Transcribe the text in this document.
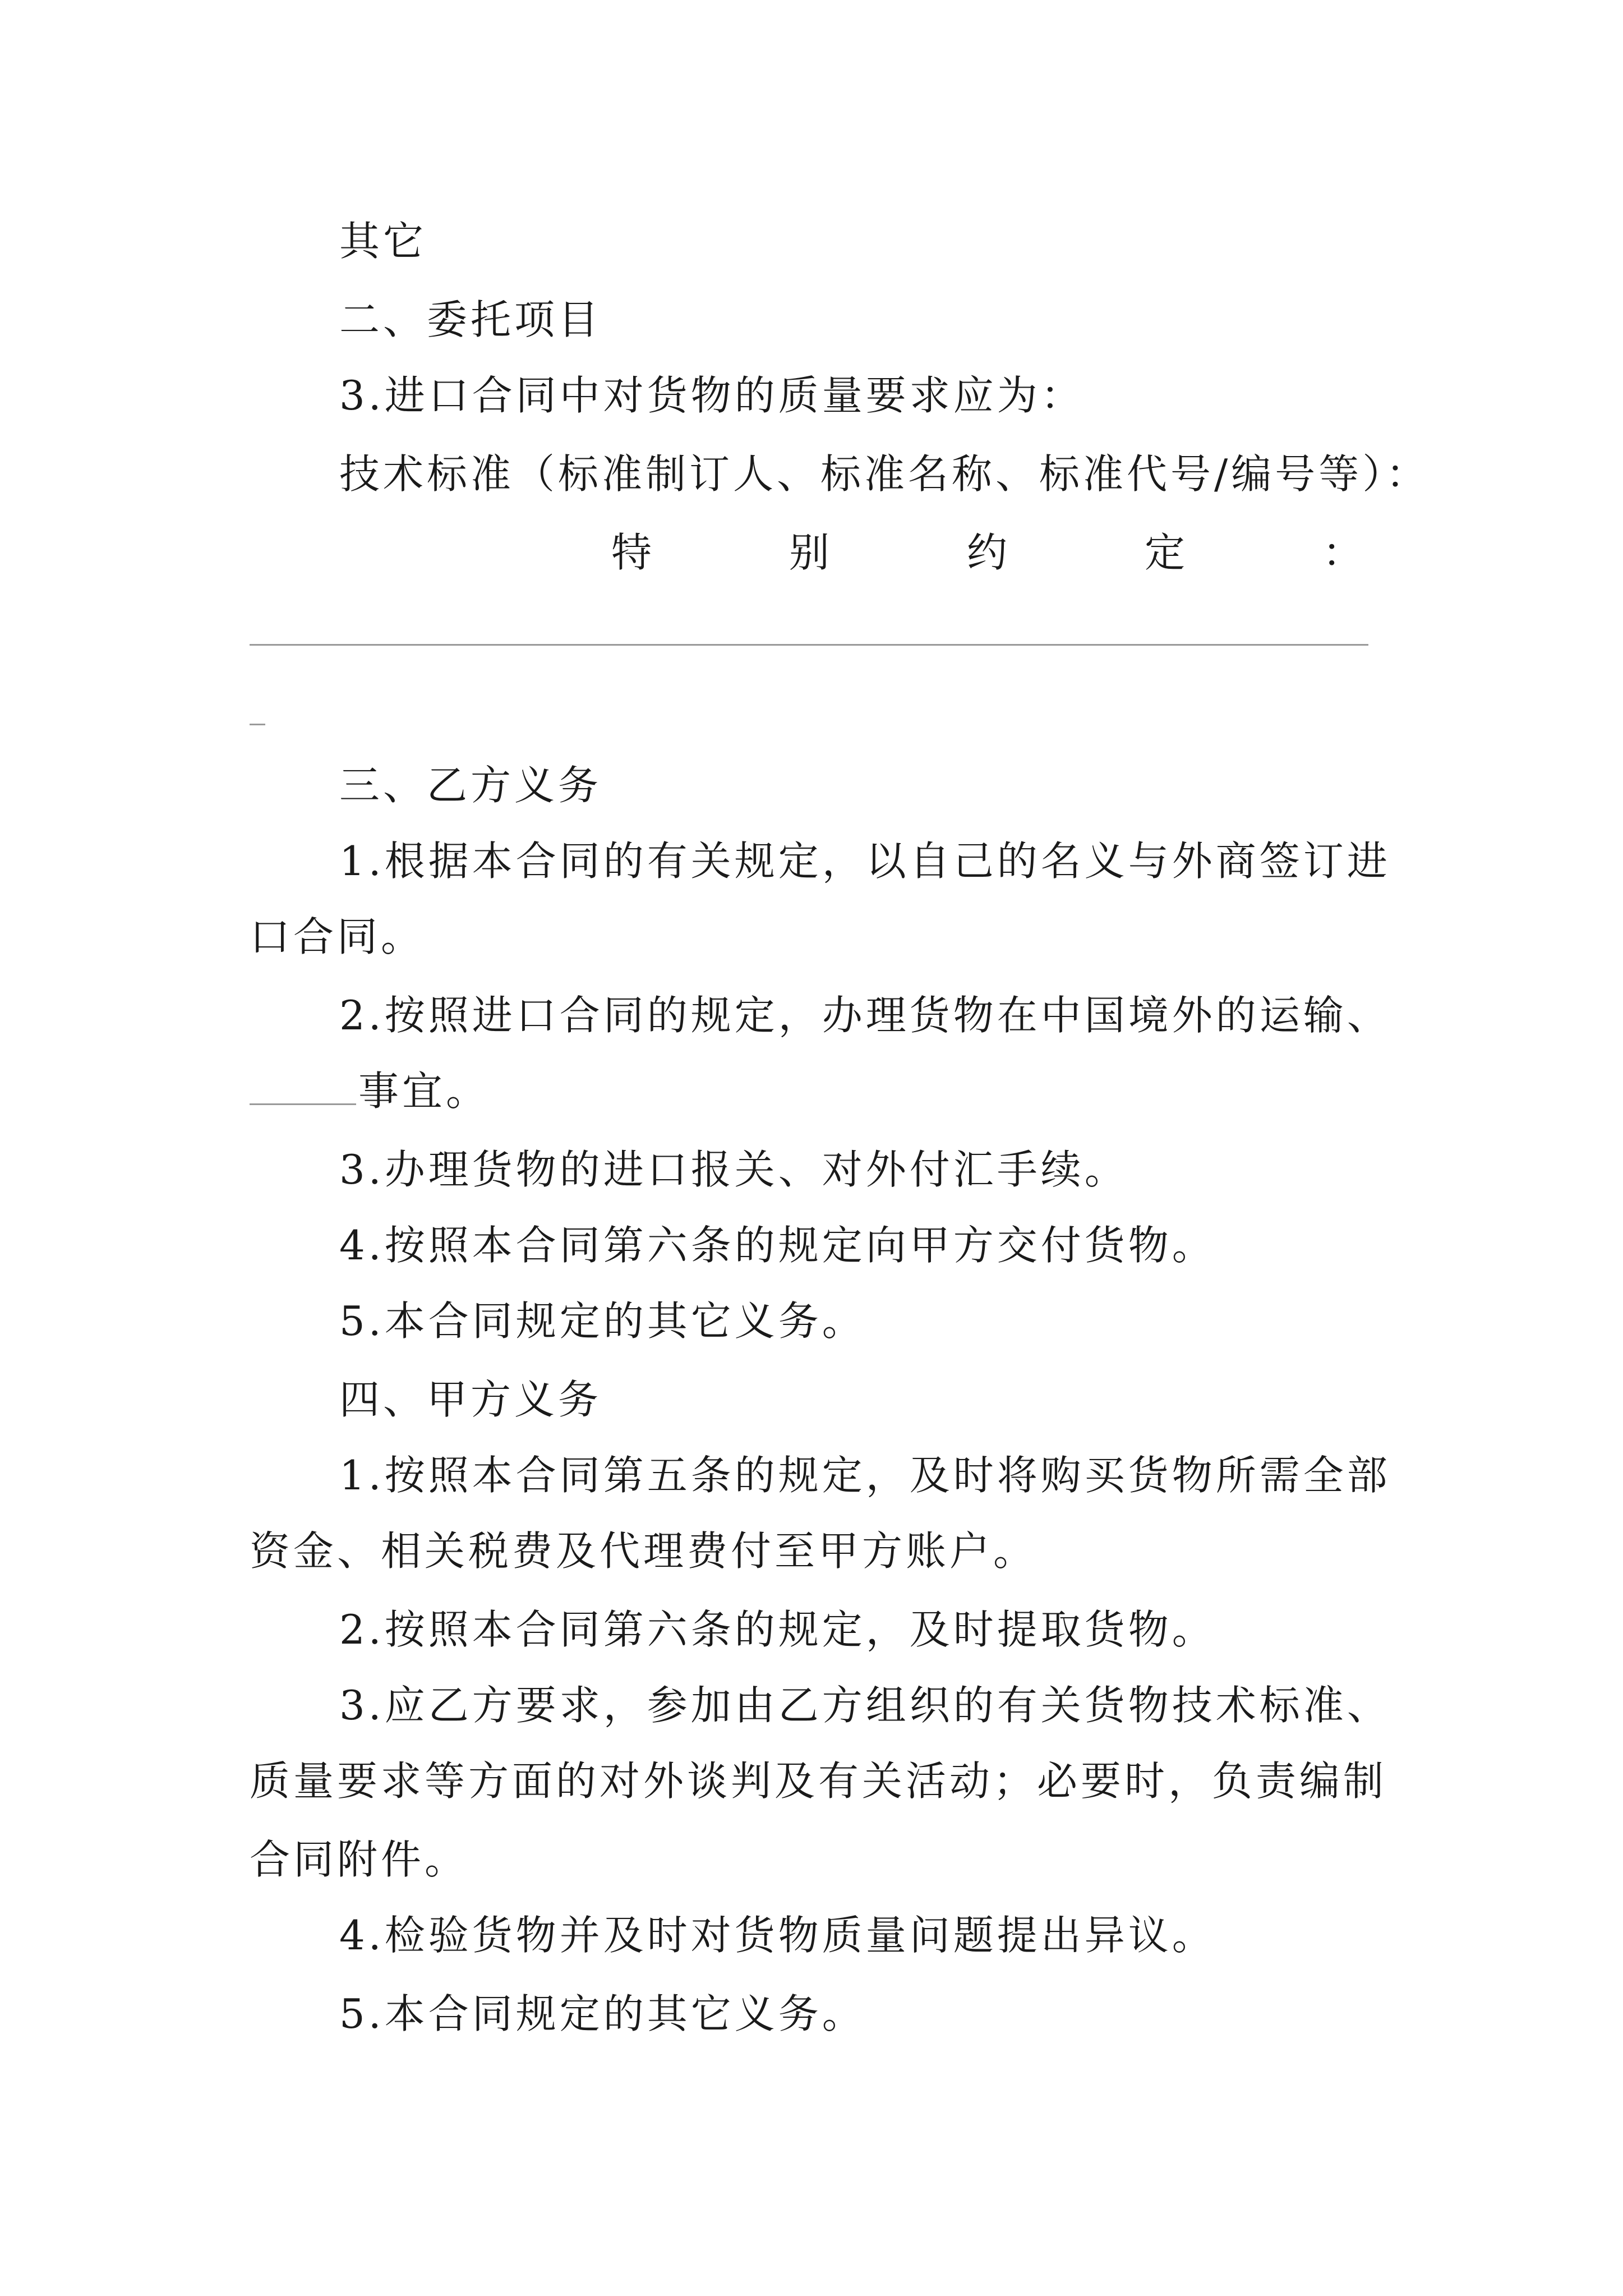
其它
二、委托项目
3.进口合同中对货物的质量要求应为：
技术标准（标准制订人、标准名称、标准代号/编号等）：
特	别	约	定	：
三、乙方义务
1.根据本合同的有关规定，以自己的名义与外商签订进
口合同。
2.按照进口合同的规定，办理货物在中国境外的运输、
事宜。
3.办理货物的进口报关、对外付汇手续。
4.按照本合同第六条的规定向甲方交付货物。
5.本合同规定的其它义务。
四、甲方义务
1.按照本合同第五条的规定，及时将购买货物所需全部
资金、相关税费及代理费付至甲方账户。
2.按照本合同第六条的规定，及时提取货物。
3.应乙方要求，参加由乙方组织的有关货物技术标准、
质量要求等方面的对外谈判及有关活动；必要时，负责编制
合同附件。
4.检验货物并及时对货物质量问题提出异议。
5.本合同规定的其它义务。
